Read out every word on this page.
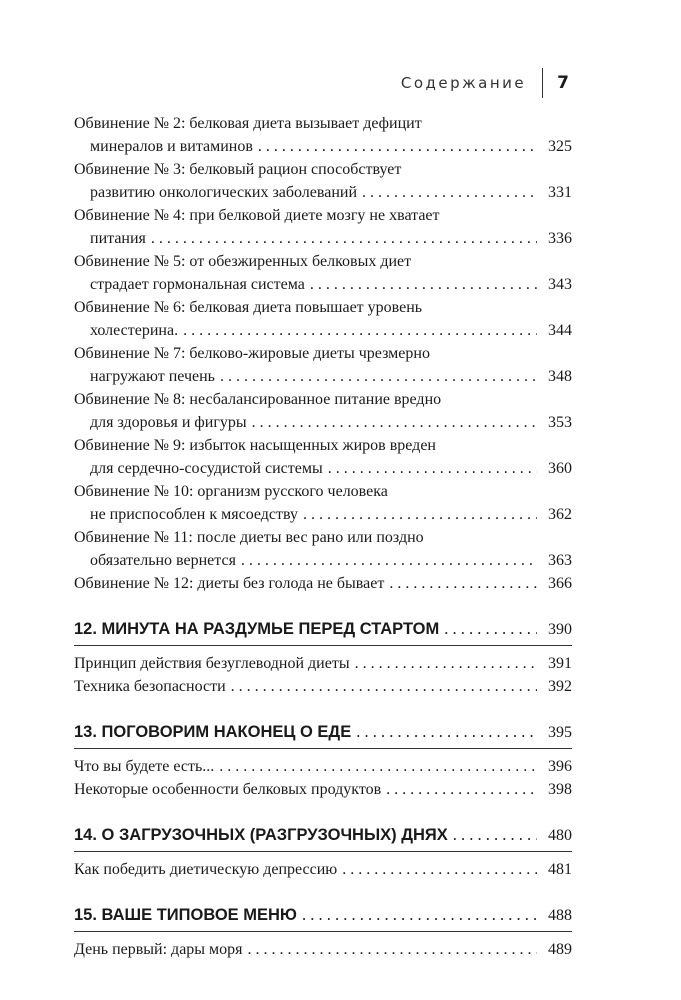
Содержание 7
Обвинение № 2: белковая диета вызывает дефицит
минералов и витаминов . . .	325
Обвинение № 3: белковый рацион способствует
развитию онкологических заболеваний . . .	331
Обвинение № 4: при белковой диете мозгу не хватает
питания . . .	336
Обвинение № 5: от обезжиренных белковых диет
страдает гормональная система . . .	343
Обвинение № 6: белковая диета повышает уровень
холестерина. . . .	344
Обвинение № 7: белково-жировые диеты чрезмерно
нагружают печень . . .	348
Обвинение № 8: несбалансированное питание вредно
для здоровья и фигуры . . .	353
Обвинение № 9: избыток насыщенных жиров вреден
для сердечно-сосудистой системы . . .	360
Обвинение № 10: организм русского человека
не приспособлен к мясоедству . . .	362
Обвинение № 11: после диеты вес рано или поздно
обязательно вернется . . .	363
Обвинение № 12: диеты без голода не бывает . . .	366
12. МИНУТА НА РАЗДУМЬЕ ПЕРЕД СТАРТОМ . . .	390
Принцип действия безуглеводной диеты . . .	391
Техника безопасности . . .	392
13. ПОГОВОРИМ НАКОНЕЦ О ЕДЕ . . .	395
Что вы будете есть... . . .	396
Некоторые особенности белковых продуктов . . .	398
14. О ЗАГРУЗОЧНЫХ (РАЗГРУЗОЧНЫХ) ДНЯХ . . .	480
Как победить диетическую депрессию . . .	481
15. ВАШЕ ТИПОВОЕ МЕНЮ . . .	488
День первый: дары моря . . .	489
